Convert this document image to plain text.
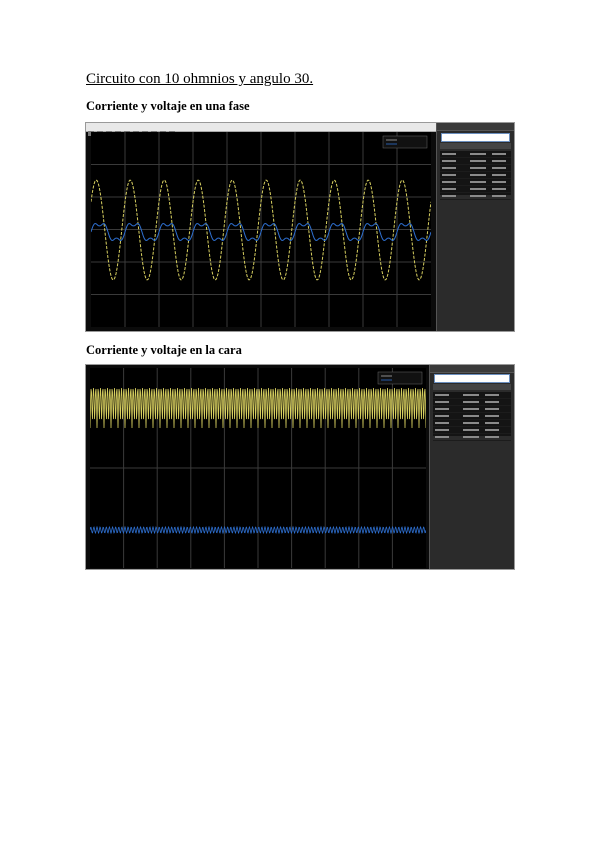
Circuito con 10 ohmnios y angulo 30.
Corriente y voltaje en una fase
Corriente y voltaje en la cara
